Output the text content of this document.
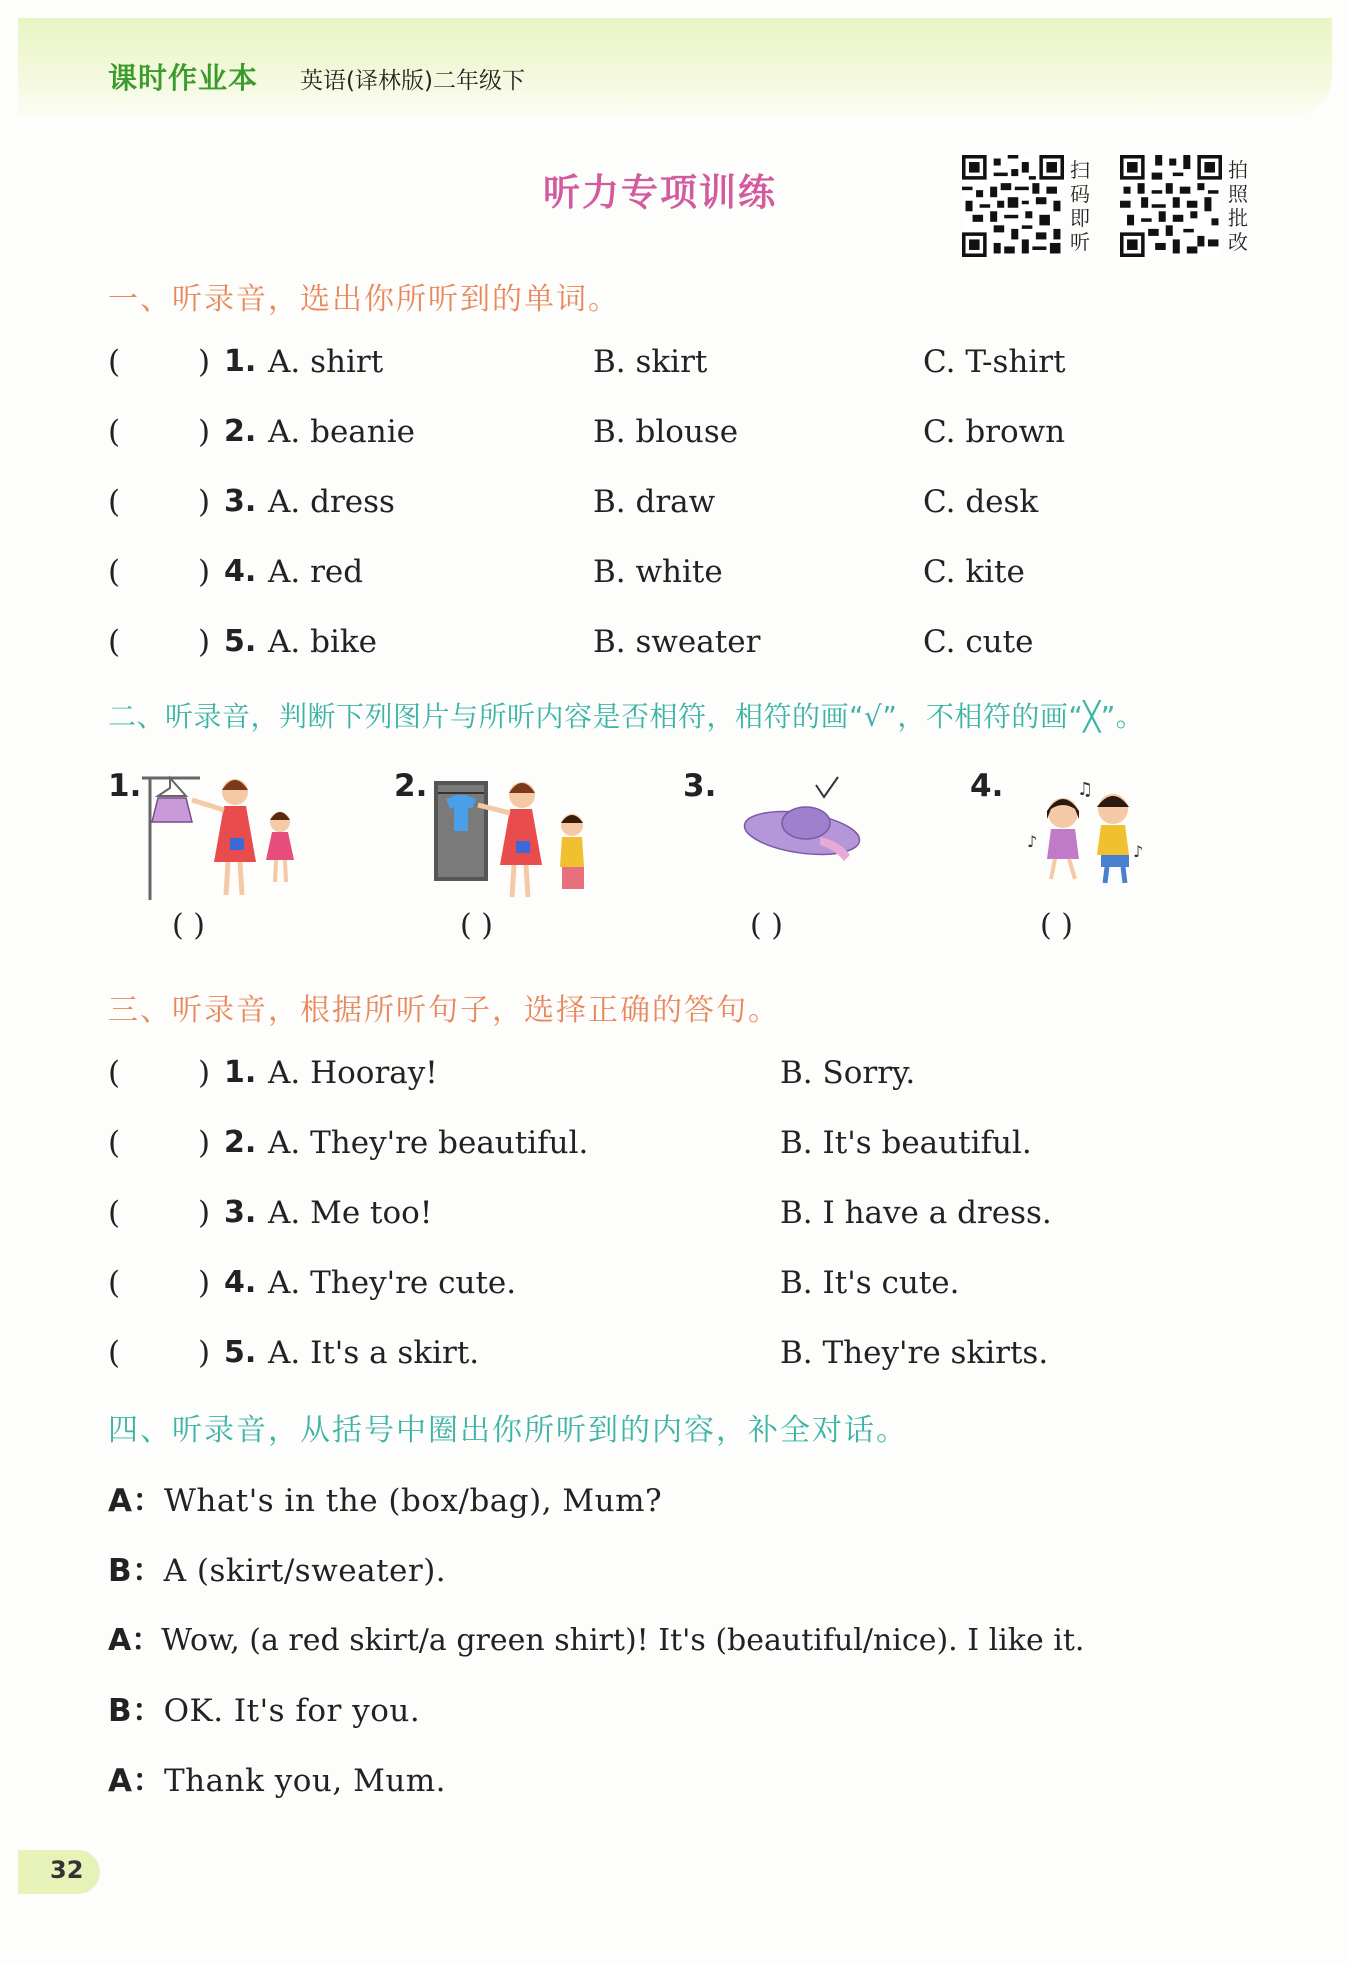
课时作业本 英语(译林版)二年级下
听力专项训练
扫码即听
拍照批改
一、听录音，选出你所听到的单词。
(	) 1. A. shirt	B. skirt	C. T-shirt
(	) 2. A. beanie	B. blouse	C. brown
(	) 3. A. dress	B. draw	C. desk
(	) 4. A. red	B. white	C. kite
(	) 5. A. bike	B. sweater	C. cute
二、听录音，判断下列图片与所听内容是否相符，相符的画“√”，不相符的画“╳”。
1.
( )
2.
( )
3.
( )
4.	♫
♪
♪
( )
三、听录音，根据所听句子，选择正确的答句。
(	) 1. A. Hooray!	B. Sorry.
(	) 2. A. They're beautiful.	B. It's beautiful.
(	) 3. A. Me too!	B. I have a dress.
(	) 4. A. They're cute.	B. It's cute.
(	) 5. A. It's a skirt.	B. They're skirts.
四、听录音，从括号中圈出你所听到的内容，补全对话。
A：What's in the (box/bag), Mum?
B：A (skirt/sweater).
A：Wow, (a red skirt/a green shirt)! It's (beautiful/nice). I like it.
B：OK. It's for you.
A：Thank you, Mum.
32
